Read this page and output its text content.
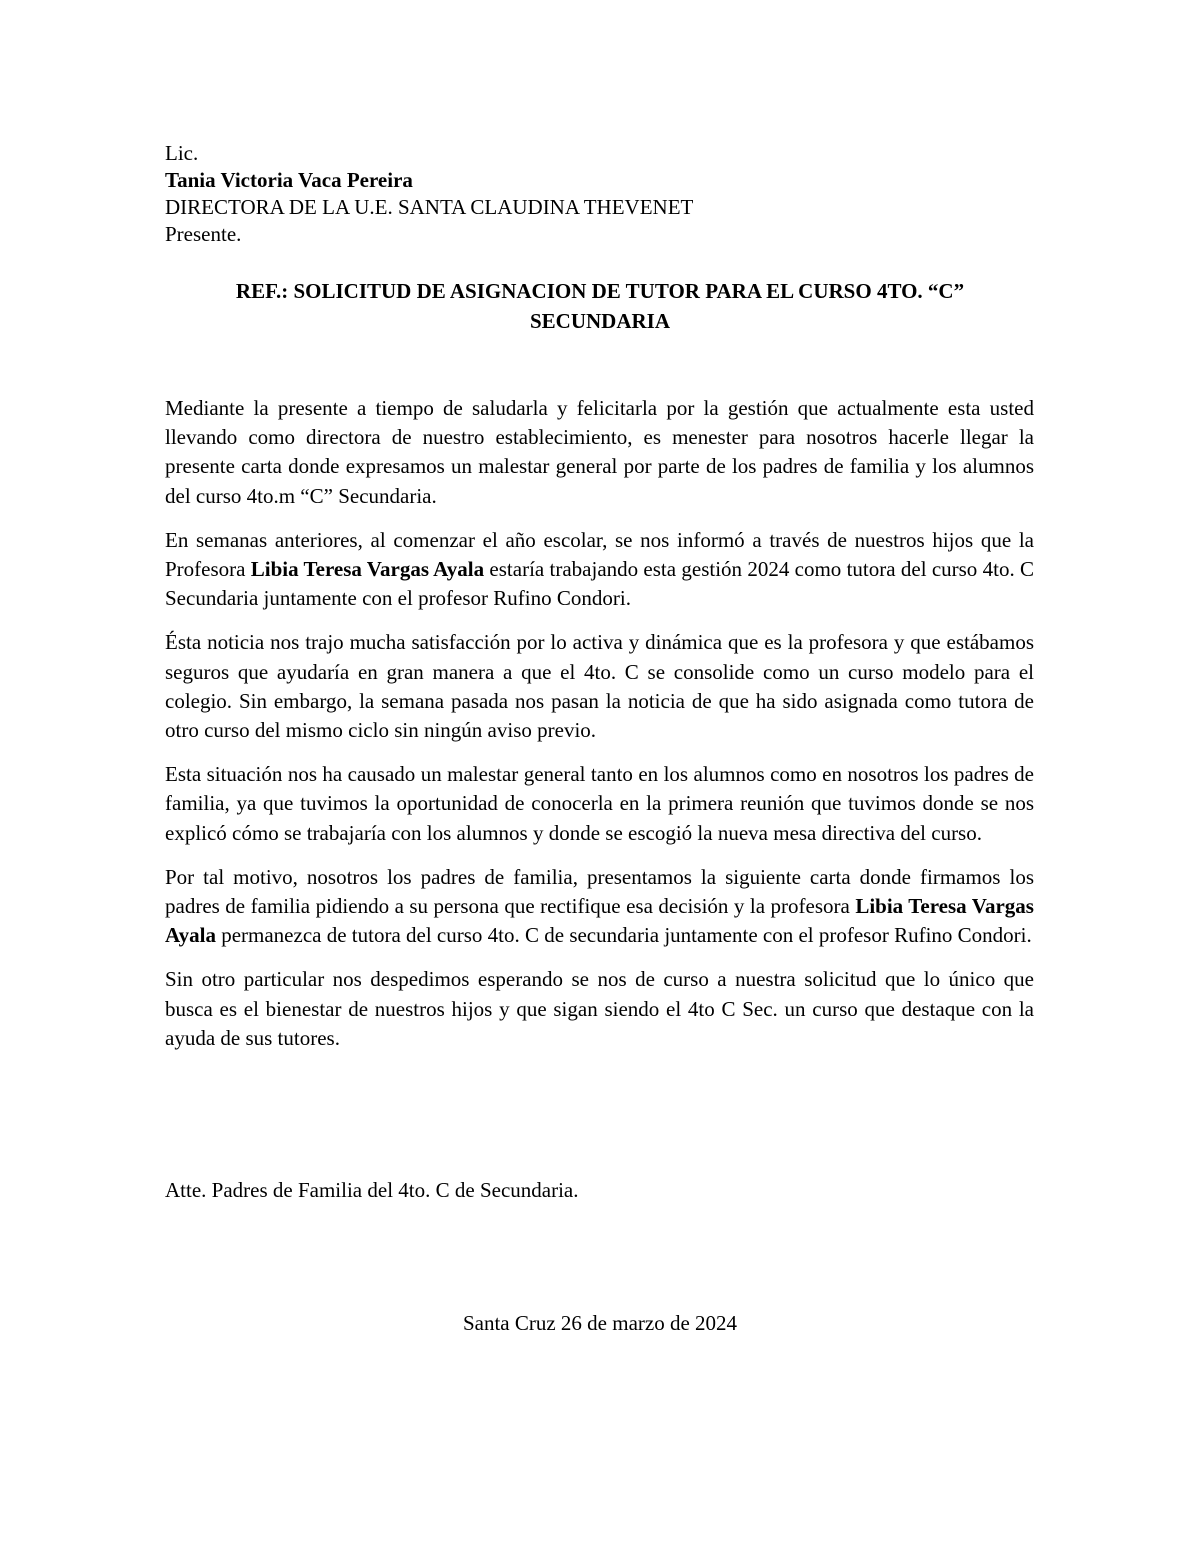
Lic.
Tania Victoria Vaca Pereira
DIRECTORA DE LA U.E. SANTA CLAUDINA THEVENET
Presente.
REF.: SOLICITUD DE ASIGNACION DE TUTOR PARA EL CURSO 4TO. “C”
SECUNDARIA

Mediante la presente a tiempo de saludarla y felicitarla por la gestión que actualmente esta usted llevando como directora de nuestro establecimiento, es menester para nosotros hacerle llegar la presente carta donde expresamos un malestar general por parte de los padres de familia y los alumnos del curso 4to.m “C” Secundaria.

En semanas anteriores, al comenzar el año escolar, se nos informó a través de nuestros hijos que la Profesora Libia Teresa Vargas Ayala estaría trabajando esta gestión 2024 como tutora del curso 4to. C Secundaria juntamente con el profesor Rufino Condori.

Ésta noticia nos trajo mucha satisfacción por lo activa y dinámica que es la profesora y que estábamos seguros que ayudaría en gran manera a que el 4to. C se consolide como un curso modelo para el colegio. Sin embargo, la semana pasada nos pasan la noticia de que ha sido asignada como tutora de otro curso del mismo ciclo sin ningún aviso previo.

Esta situación nos ha causado un malestar general tanto en los alumnos como en nosotros los padres de familia, ya que tuvimos la oportunidad de conocerla en la primera reunión que tuvimos donde se nos explicó cómo se trabajaría con los alumnos y donde se escogió la nueva mesa directiva del curso.

Por tal motivo, nosotros los padres de familia, presentamos la siguiente carta donde firmamos los padres de familia pidiendo a su persona que rectifique esa decisión y la profesora Libia Teresa Vargas Ayala permanezca de tutora del curso 4to. C de secundaria juntamente con el profesor Rufino Condori.

Sin otro particular nos despedimos esperando se nos de curso a nuestra solicitud que lo único que busca es el bienestar de nuestros hijos y que sigan siendo el 4to C Sec. un curso que destaque con la ayuda de sus tutores.

Atte. Padres de Familia del 4to. C de Secundaria.
Santa Cruz 26 de marzo de 2024
